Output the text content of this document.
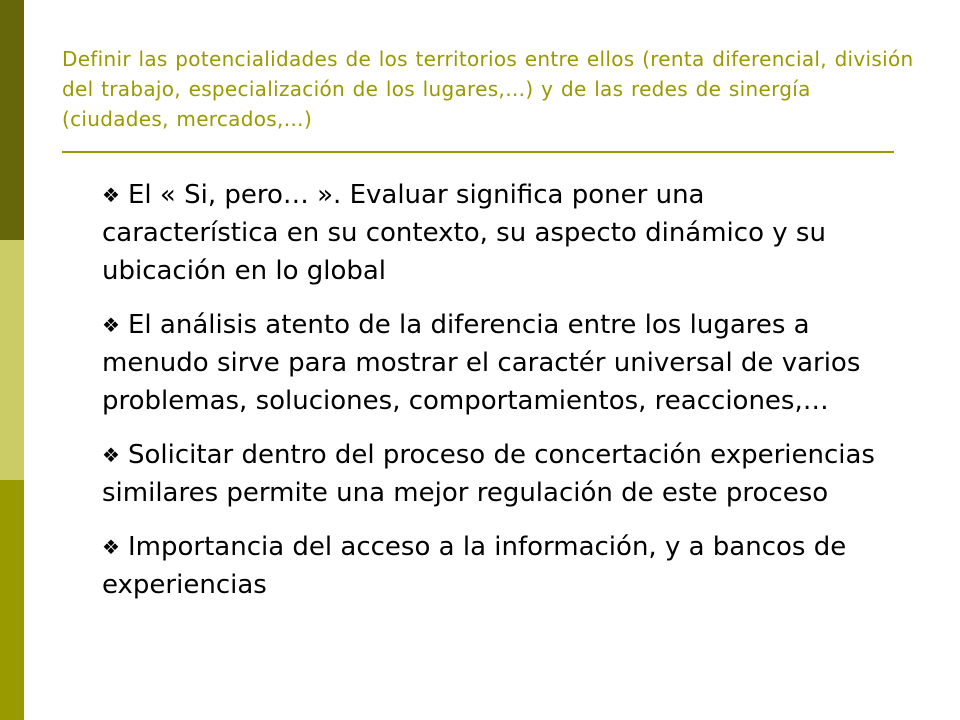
Definir las potencialidades de los territorios entre ellos (renta diferencial, división del trabajo, especialización de los lugares,…) y de las redes de sinergía (ciudades, mercados,…)
❖ El « Si, pero… ». Evaluar significa poner una característica en su contexto, su aspecto dinámico y su ubicación en lo global
❖ El análisis atento de la diferencia entre los lugares a menudo sirve para mostrar el caractér universal de varios problemas, soluciones, comportamientos, reacciones,…
❖ Solicitar dentro del proceso de concertación experiencias similares permite una mejor regulación de este proceso
❖ Importancia del acceso a la información, y a bancos de experiencias
